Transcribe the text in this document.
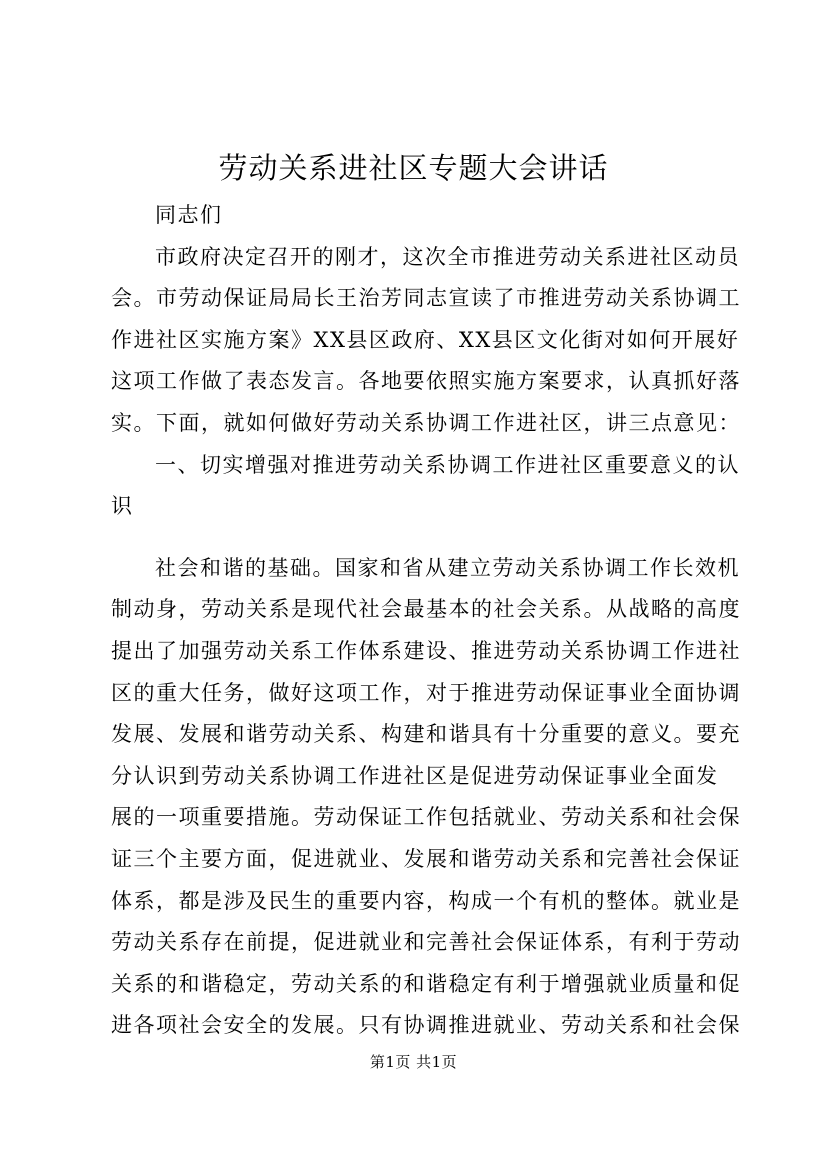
劳动关系进社区专题大会讲话
同志们
市政府决定召开的刚才，这次全市推进劳动关系进社区动员
会。市劳动保证局局长王治芳同志宣读了市推进劳动关系协调工
作进社区实施方案》XX县区政府、XX县区文化街对如何开展好
这项工作做了表态发言。各地要依照实施方案要求，认真抓好落
实。下面，就如何做好劳动关系协调工作进社区，讲三点意见：
一、切实增强对推进劳动关系协调工作进社区重要意义的认
识
社会和谐的基础。国家和省从建立劳动关系协调工作长效机
制动身，劳动关系是现代社会最基本的社会关系。从战略的高度
提出了加强劳动关系工作体系建设、推进劳动关系协调工作进社
区的重大任务，做好这项工作，对于推进劳动保证事业全面协调
发展、发展和谐劳动关系、构建和谐具有十分重要的意义。要充
分认识到劳动关系协调工作进社区是促进劳动保证事业全面发
展的一项重要措施。劳动保证工作包括就业、劳动关系和社会保
证三个主要方面，促进就业、发展和谐劳动关系和完善社会保证
体系，都是涉及民生的重要内容，构成一个有机的整体。就业是
劳动关系存在前提，促进就业和完善社会保证体系，有利于劳动
关系的和谐稳定，劳动关系的和谐稳定有利于增强就业质量和促
进各项社会安全的发展。只有协调推进就业、劳动关系和社会保
第1页 共1页
